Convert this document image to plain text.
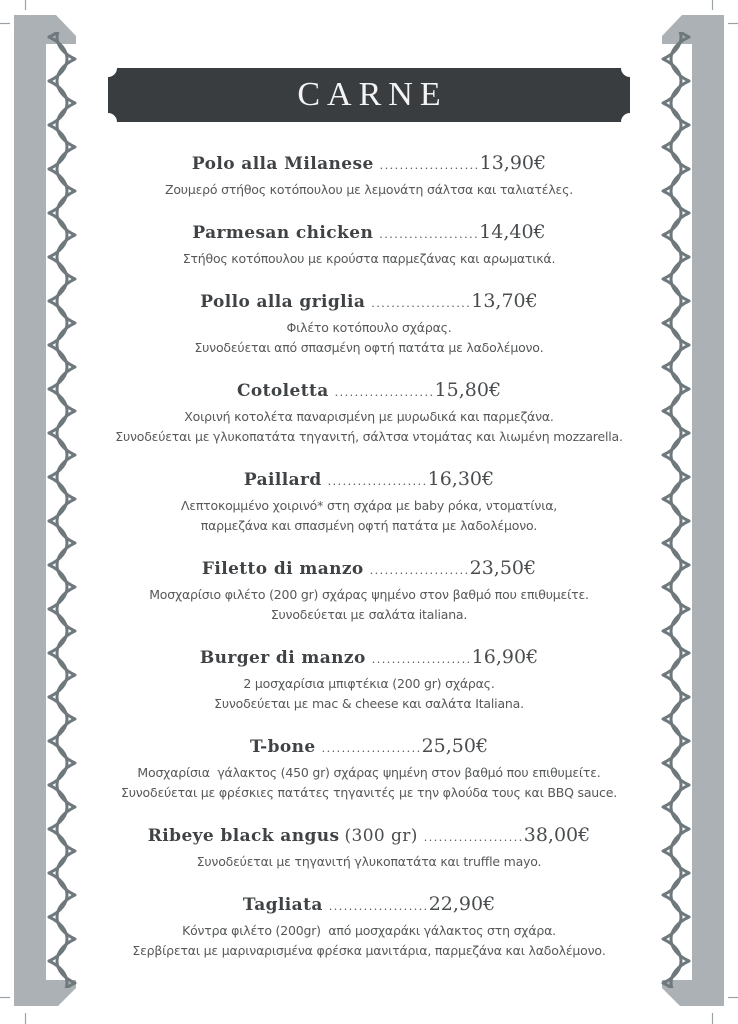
CARNE
Polo alla Milanese ....................13,90€
Ζουμερό στήθος κοτόπουλου με λεμονάτη σάλτσα και ταλιατέλες.
Parmesan chicken ....................14,40€
Στήθος κοτόπουλου με κρούστα παρμεζάνας και αρωματικά.
Pollo alla griglia ....................13,70€
Φιλέτο κοτόπουλο σχάρας.
Συνοδεύεται από σπασμένη οφτή πατάτα με λαδολέμονο.
Cotoletta ....................15,80€
Χοιρινή κοτολέτα παναρισμένη με μυρωδικά και παρμεζάνα.
Συνοδεύεται με γλυκοπατάτα τηγανιτή, σάλτσα ντομάτας και λιωμένη mozzarella.
Paillard ....................16,30€
Λεπτοκομμένο χοιρινό* στη σχάρα με baby ρόκα, ντοματίνια,
παρμεζάνα και σπασμένη οφτή πατάτα με λαδολέμονο.
Filetto di manzo ....................23,50€
Μοσχαρίσιο φιλέτο (200 gr) σχάρας ψημένο στον βαθμό που επιθυμείτε.
Συνοδεύεται με σαλάτα italiana.
Burger di manzo ....................16,90€
2 μοσχαρίσια μπιφτέκια (200 gr) σχάρας.
Συνοδεύεται με mac & cheese και σαλάτα Italiana.
T-bone ....................25,50€
Μοσχαρίσια  γάλακτος (450 gr) σχάρας ψημένη στον βαθμό που επιθυμείτε.
Συνοδεύεται με φρέσκιες πατάτες τηγανιτές με την φλούδα τους και BBQ sauce.
Ribeye black angus (300 gr) ....................38,00€
Συνοδεύεται με τηγανιτή γλυκοπατάτα και truffle mayo.
Tagliata ....................22,90€
Κόντρα φιλέτο (200gr)  από μοσχαράκι γάλακτος στη σχάρα.
Σερβίρεται με μαριναρισμένα φρέσκα μανιτάρια, παρμεζάνα και λαδολέμονο.
